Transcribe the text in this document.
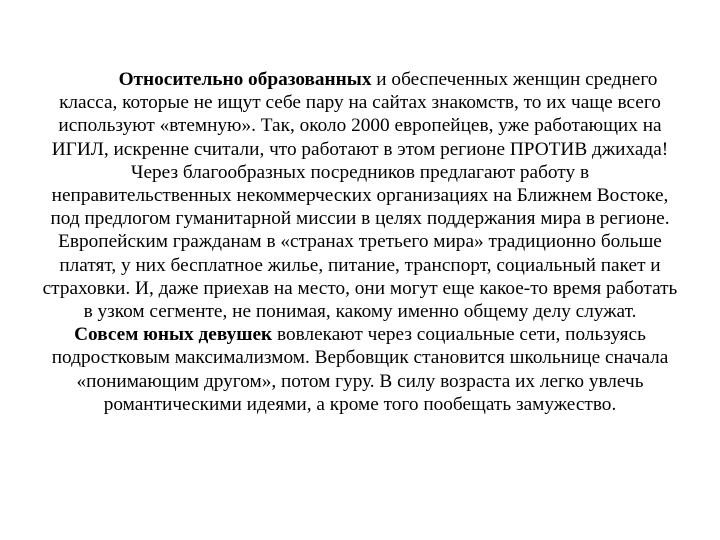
Относительно образованных и обеспеченных женщин среднего класса, которые не ищут себе пару на сайтах знакомств, то их чаще всего используют «втемную». Так, около 2000 европейцев, уже работающих на ИГИЛ, искренне считали, что работают в этом регионе ПРОТИВ джихада! Через благообразных посредников предлагают работу в неправительственных некоммерческих организациях на Ближнем Востоке, под предлогом гуманитарной миссии в целях поддержания мира в регионе. Европейским гражданам в «странах третьего мира» традиционно больше платят, у них бесплатное жилье, питание, транспорт, социальный пакет и страховки. И, даже приехав на место, они могут еще какое-то время работать в узком сегменте, не понимая, какому именно общему делу служат.

Совсем юных девушек вовлекают через социальные сети, пользуясь подростковым максимализмом. Вербовщик становится школьнице сначала «понимающим другом», потом гуру. В силу возраста их легко увлечь романтическими идеями, а кроме того пообещать замужество.
